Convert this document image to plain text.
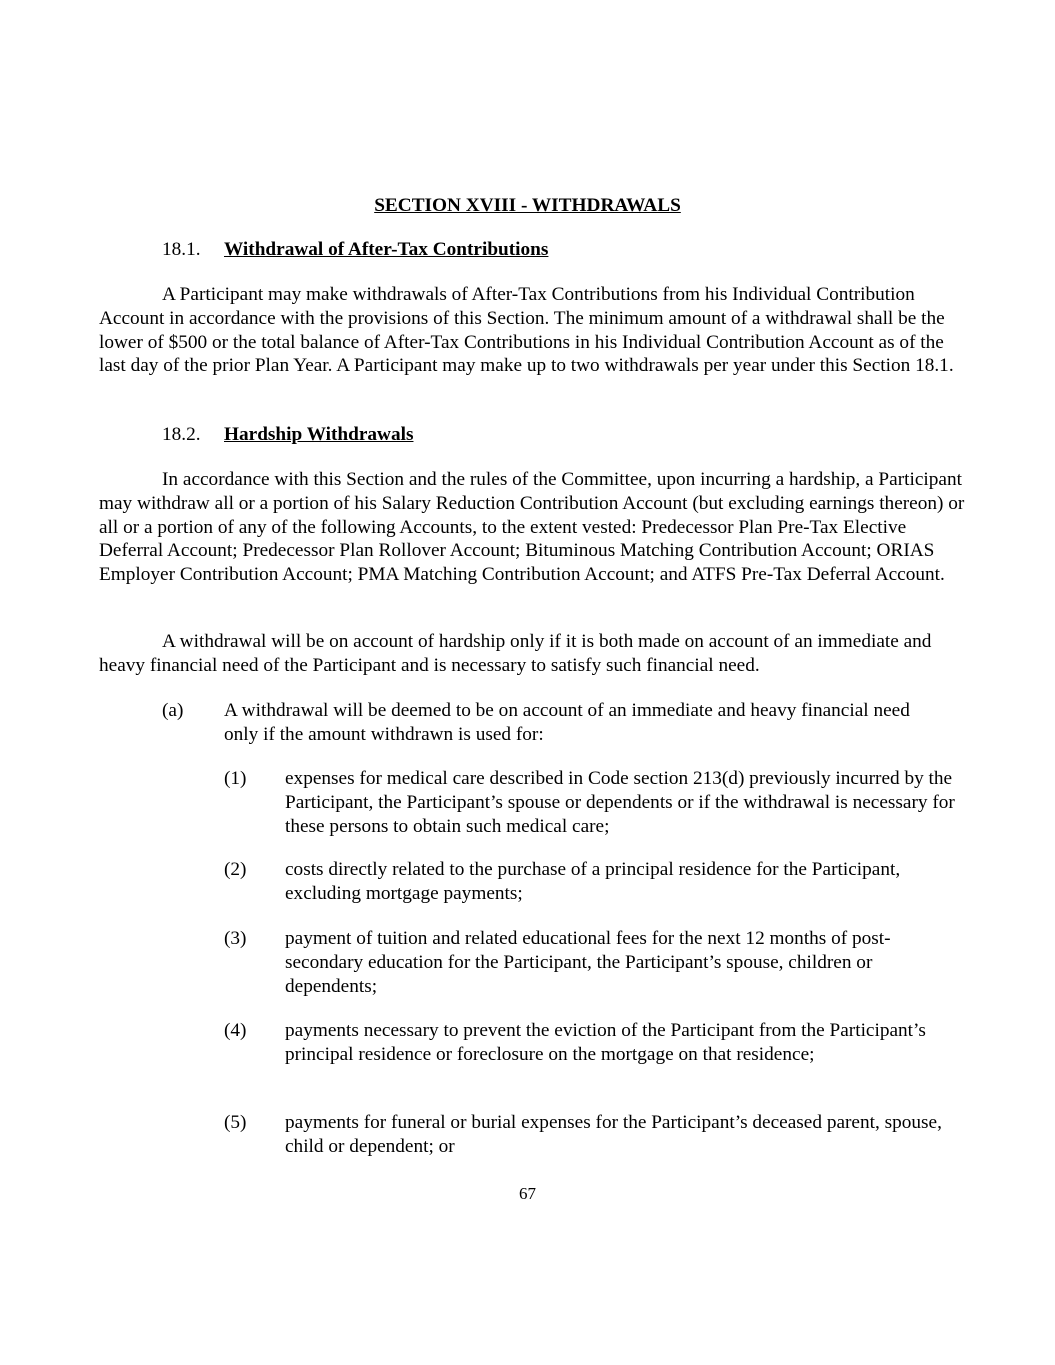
SECTION XVIII - WITHDRAWALS
18.1. Withdrawal of After-Tax Contributions

A Participant may make withdrawals of After-Tax Contributions from his Individual Contribution Account in accordance with the provisions of this Section. The minimum amount of a withdrawal shall be the lower of $500 or the total balance of After-Tax Contributions in his Individual Contribution Account as of the last day of the prior Plan Year. A Participant may make up to two withdrawals per year under this Section 18.1.

18.2. Hardship Withdrawals

In accordance with this Section and the rules of the Committee, upon incurring a hardship, a Participant may withdraw all or a portion of his Salary Reduction Contribution Account (but excluding earnings thereon) or all or a portion of any of the following Accounts, to the extent vested: Predecessor Plan Pre-Tax Elective Deferral Account; Predecessor Plan Rollover Account; Bituminous Matching Contribution Account; ORIAS Employer Contribution Account; PMA Matching Contribution Account; and ATFS Pre-Tax Deferral Account.

A withdrawal will be on account of hardship only if it is both made on account of an immediate and heavy financial need of the Participant and is necessary to satisfy such financial need.

(a) A withdrawal will be deemed to be on account of an immediate and heavy financial need only if the amount withdrawn is used for:
(1) expenses for medical care described in Code section 213(d) previously incurred by the Participant, the Participant’s spouse or dependents or if the withdrawal is necessary for these persons to obtain such medical care;
(2) costs directly related to the purchase of a principal residence for the Participant, excluding mortgage payments;
(3) payment of tuition and related educational fees for the next 12 months of post-secondary education for the Participant, the Participant’s spouse, children or dependents;
(4) payments necessary to prevent the eviction of the Participant from the Participant’s principal residence or foreclosure on the mortgage on that residence;
(5) payments for funeral or burial expenses for the Participant’s deceased parent, spouse, child or dependent; or
67
